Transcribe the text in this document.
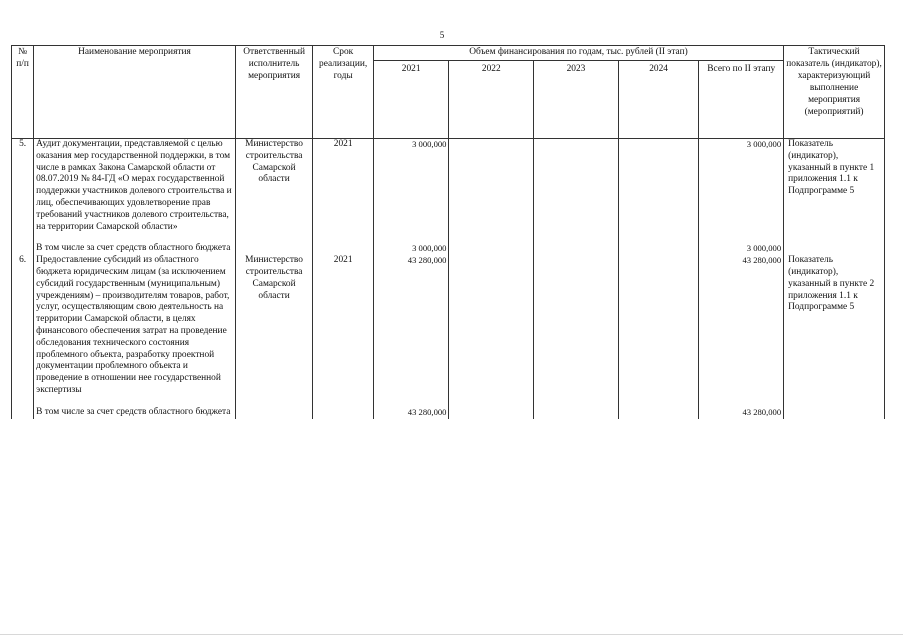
5
№ п/п	Наименование мероприятия	Ответственный исполнитель мероприятия	Срок реализации, годы	Объем финансирования по годам, тыс. рублей (II этап)					Тактический показатель (индикатор), характеризующий выполнение мероприятия (мероприятий)
				2021	2022	2023	2024	Всего по II этапу	
5.	Аудит документации, представляемой с целью оказания мер государственной поддержки, в том числе в рамках Закона Самарской области от 08.07.2019 № 84-ГД «О мерах государственной поддержки участников долевого строительства и лиц, обеспечивающих удовлетворение прав требований участников долевого строительства, на территории Самарской области»	Министерство строительства Самарской области	2021	3 000,000				3 000,000	Показатель (индикатор), указанный в пункте 1 приложения 1.1 к Подпрограмме 5

	В том числе за счет средств областного бюджета			3 000,000				3 000,000	
6.	Предоставление субсидий из областного бюджета юридическим лицам (за исключением субсидий государственным (муниципальным) учреждениям) – производителям товаров, работ, услуг, осуществляющим свою деятельность на территории Самарской области, в целях финансового обеспечения затрат на проведение обследования технического состояния проблемного объекта, разработку проектной документации проблемного объекта и проведение в отношении нее государственной экспертизы	Министерство строительства Самарской области	2021	43 280,000				43 280,000	Показатель (индикатор), указанный в пункте 2 приложения 1.1 к Подпрограмме 5

	В том числе за счет средств областного бюджета			43 280,000				43 280,000	
